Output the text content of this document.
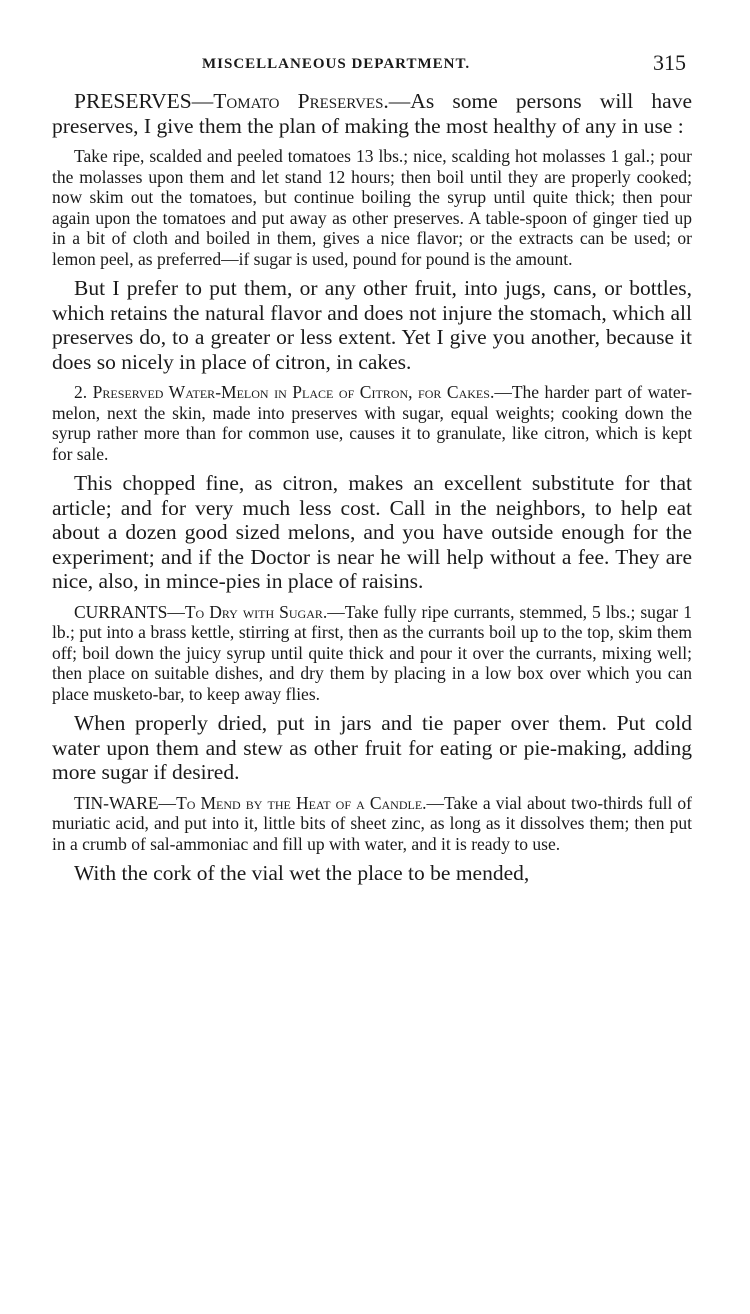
MISCELLANEOUS DEPARTMENT.	315

PRESERVES—Tomato Preserves.—As some persons will have preserves, I give them the plan of making the most healthy of any in use :

Take ripe, scalded and peeled tomatoes 13 lbs.; nice, scalding hot molasses 1 gal.; pour the molasses upon them and let stand 12 hours; then boil until they are properly cooked; now skim out the tomatoes, but continue boiling the syrup until quite thick; then pour again upon the tomatoes and put away as other preserves. A table-spoon of ginger tied up in a bit of cloth and boiled in them, gives a nice flavor; or the extracts can be used; or lemon peel, as preferred—if sugar is used, pound for pound is the amount.

But I prefer to put them, or any other fruit, into jugs, cans, or bottles, which retains the natural flavor and does not injure the stomach, which all preserves do, to a greater or less extent. Yet I give you another, because it does so nicely in place of citron, in cakes.

2. Preserved Water-Melon in Place of Citron, for Cakes.—The harder part of water-melon, next the skin, made into preserves with sugar, equal weights; cooking down the syrup rather more than for common use, causes it to granulate, like citron, which is kept for sale.

This chopped fine, as citron, makes an excellent substitute for that article; and for very much less cost. Call in the neighbors, to help eat about a dozen good sized melons, and you have outside enough for the experiment; and if the Doctor is near he will help without a fee. They are nice, also, in mince-pies in place of raisins.

CURRANTS—To Dry with Sugar.—Take fully ripe currants, stemmed, 5 lbs.; sugar 1 lb.; put into a brass kettle, stirring at first, then as the currants boil up to the top, skim them off; boil down the juicy syrup until quite thick and pour it over the currants, mixing well; then place on suitable dishes, and dry them by placing in a low box over which you can place musketo-bar, to keep away flies.

When properly dried, put in jars and tie paper over them. Put cold water upon them and stew as other fruit for eating or pie-making, adding more sugar if desired.

TIN-WARE—To Mend by the Heat of a Candle.—Take a vial about two-thirds full of muriatic acid, and put into it, little bits of sheet zinc, as long as it dissolves them; then put in a crumb of sal-ammoniac and fill up with water, and it is ready to use.

With the cork of the vial wet the place to be mended,
